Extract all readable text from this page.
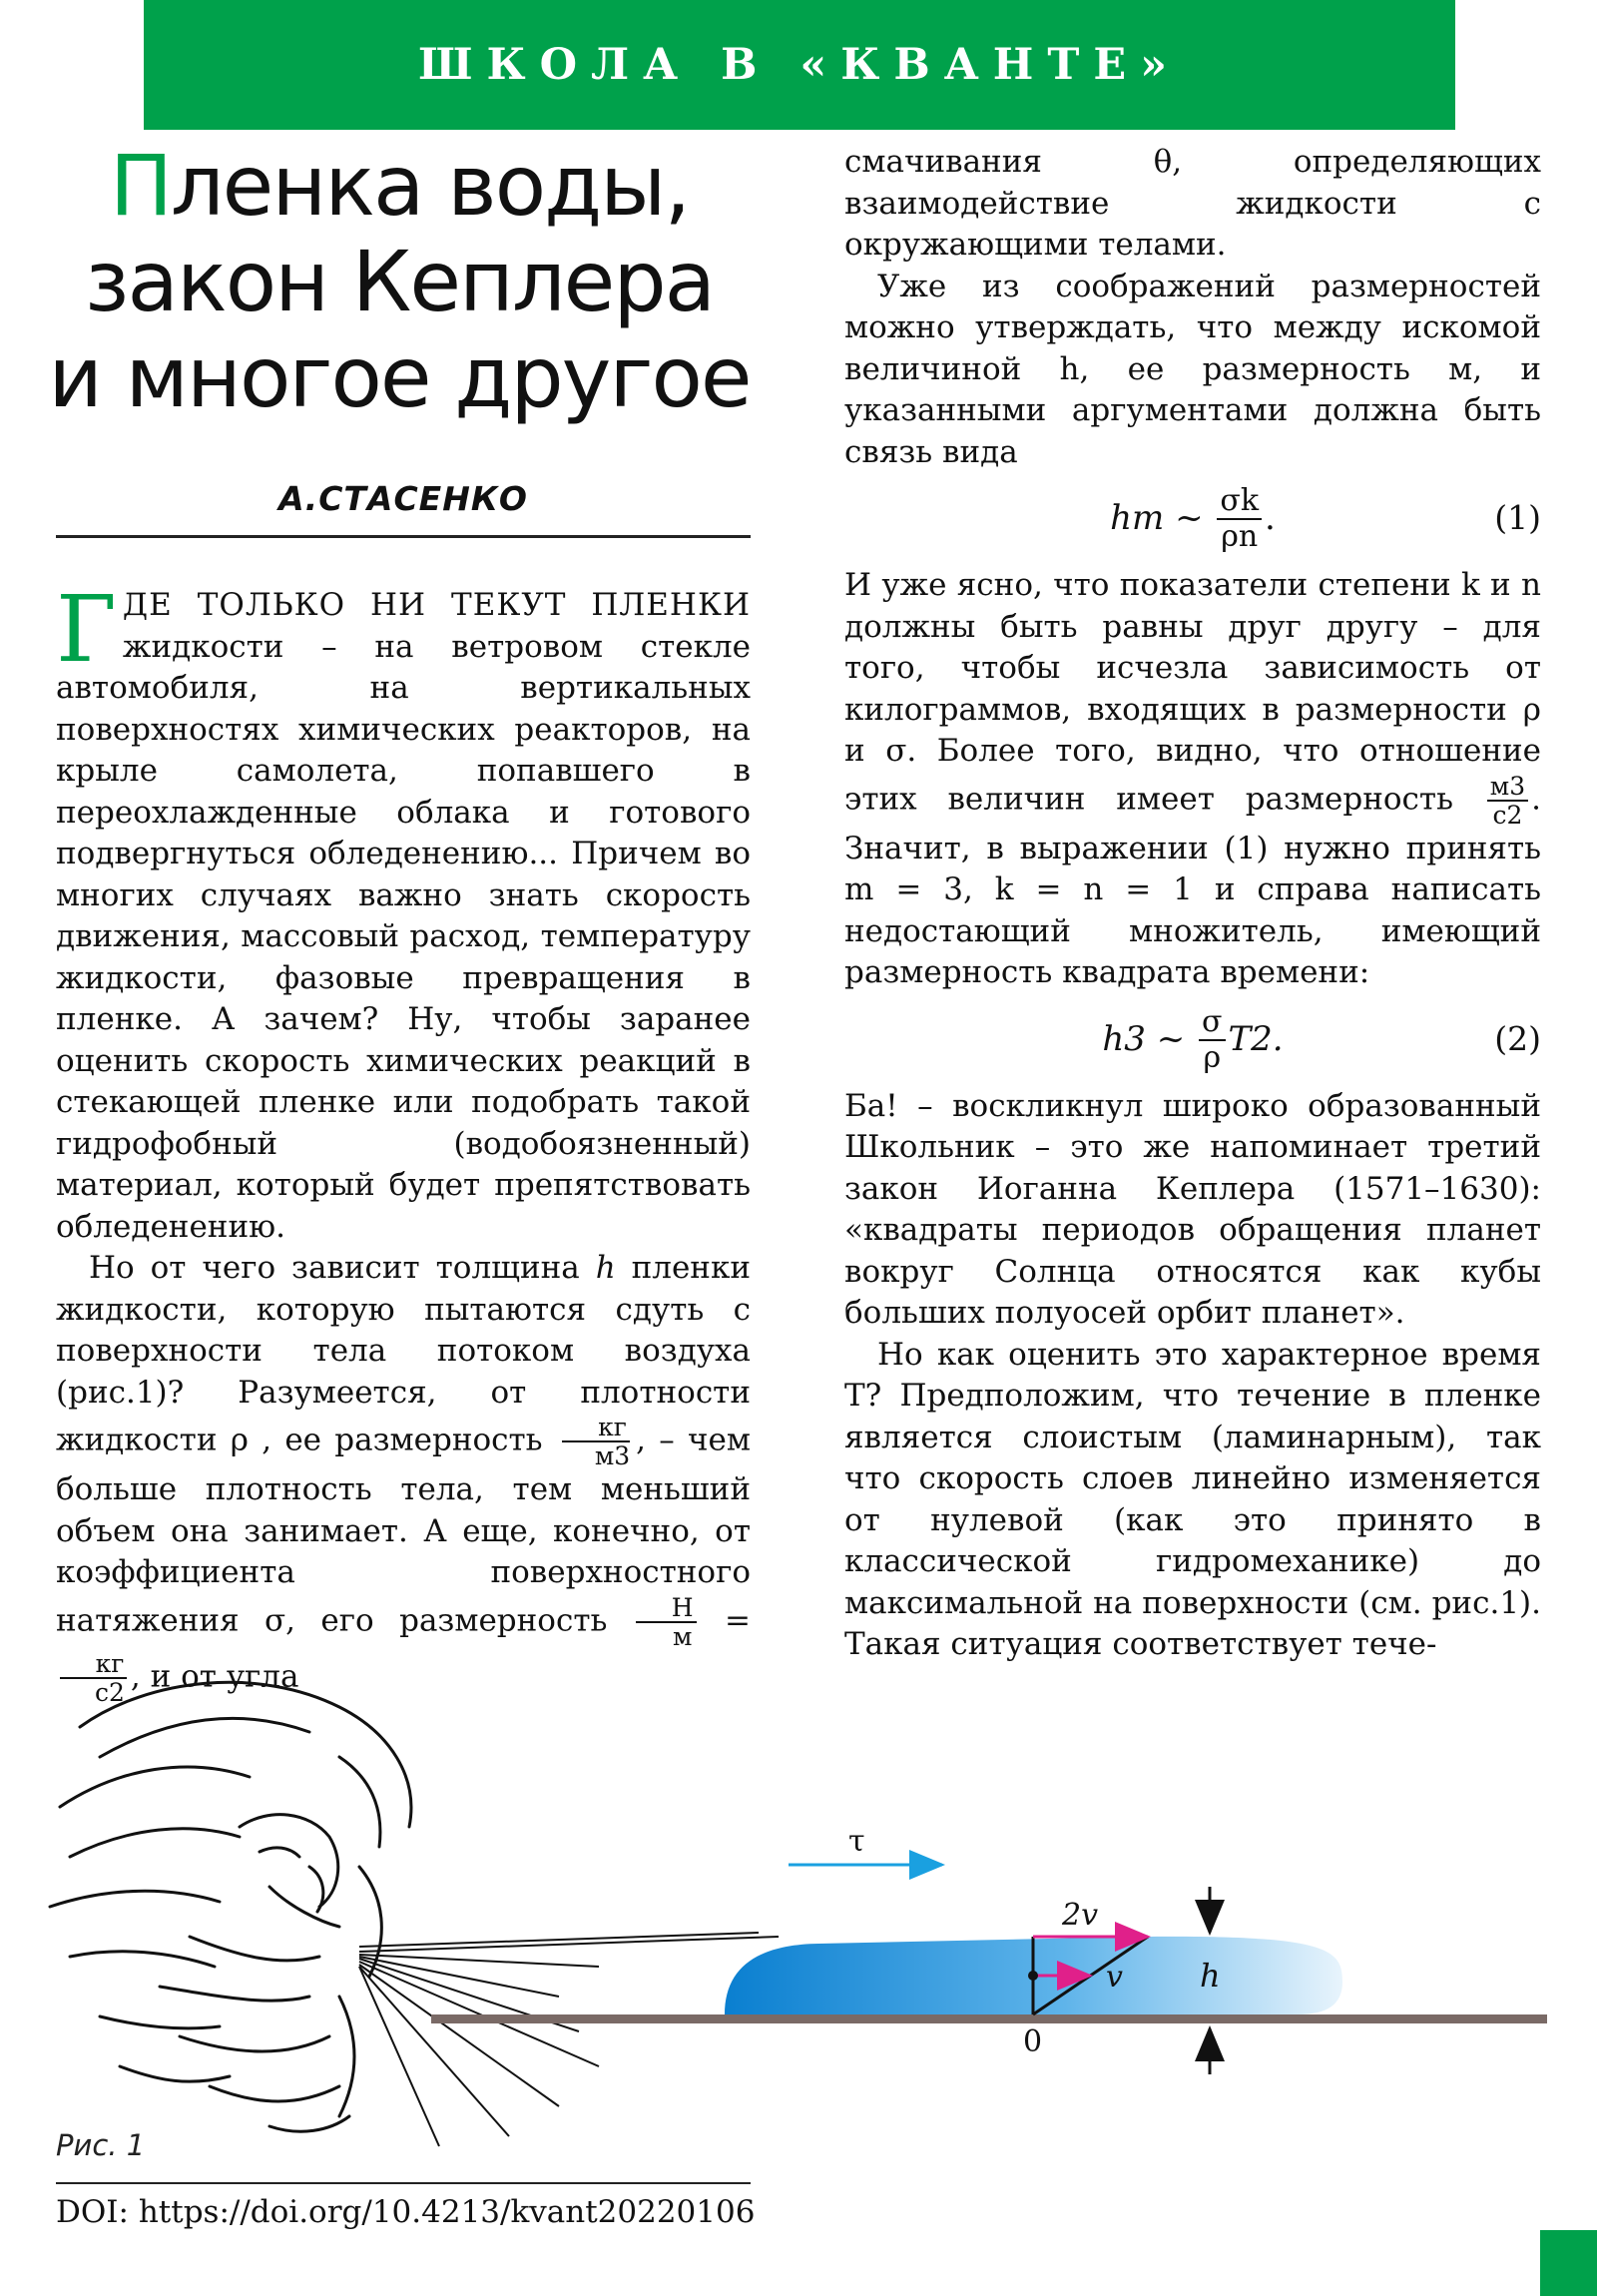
ШКОЛА В «КВАНТЕ»
Пленка воды,
закон Кеплера
и многое другое
А.СТАСЕНКО

ГДЕ ТОЛЬКО НИ ТЕКУТ ПЛЕНКИ жидкости – на ветровом стекле автомобиля, на вертикальных поверхностях химических реакторов, на крыле самолета, попавшего в переохлажденные облака и готового подвергнуться обледенению... Причем во многих случаях важно знать скорость движения, массовый расход, температуру жидкости, фазовые превращения в пленке. А зачем? Ну, чтобы заранее оценить скорость химических реакций в стекающей пленке или подобрать такой гидрофобный (водобоязненный) материал, который будет препятствовать обледенению.

Но от чего зависит толщина h пленки жидкости, которую пытаются сдуть с поверхности тела потоком воздуха (рис.1)? Разумеется, от плотности жидкости ρ , ее размерность $\frac{кг}{м3}$ , – чем больше плотность тела, тем меньший объем она занимает. А еще, конечно, от коэффициента поверхностного натяжения σ, его размерность $\frac{Н}{м}$ =
$\frac{кг}{с2}$ , и от угла

смачивания θ, определяющих взаимодействие жидкости с окружающими телами.

Уже из соображений размерностей можно утверждать, что между искомой величиной h, ее размерность м, и указанными аргументами должна быть связь вида

hm ~
$\frac{\sigma k}{\rho n}$ .	(1)

И уже ясно, что показатели степени k и n должны быть равны друг другу – для того, чтобы исчезла зависимость от килограммов, входящих в размерности ρ и σ. Более того, видно, что отношение этих величин имеет размерность $\frac{м3}{с2}$ . Значит, в выражении (1) нужно принять m = 3, k = n = 1 и справа написать недостающий множитель, имеющий размерность квадрата времени:

h3 ~
$\frac{\sigma}{\rho} T2$.	(2)

Ба! – воскликнул широко образованный Школьник – это же напоминает третий закон Иоганна Кеплера (1571–1630): «квадраты периодов обращения планет вокруг Солнца относятся как кубы больших полуосей орбит планет».

Но как оценить это характерное время T? Предположим, что течение в пленке является слоистым (ламинарным), так что скорость слоев линейно изменяется от нулевой (как это принято в классической гидромеханике) до максимальной на поверхности (см. рис.1). Такая ситуация соответствует тече-

τ
2v
v
0
h
Рис. 1
DOI: https://doi.org/10.4213/kvant20220106
